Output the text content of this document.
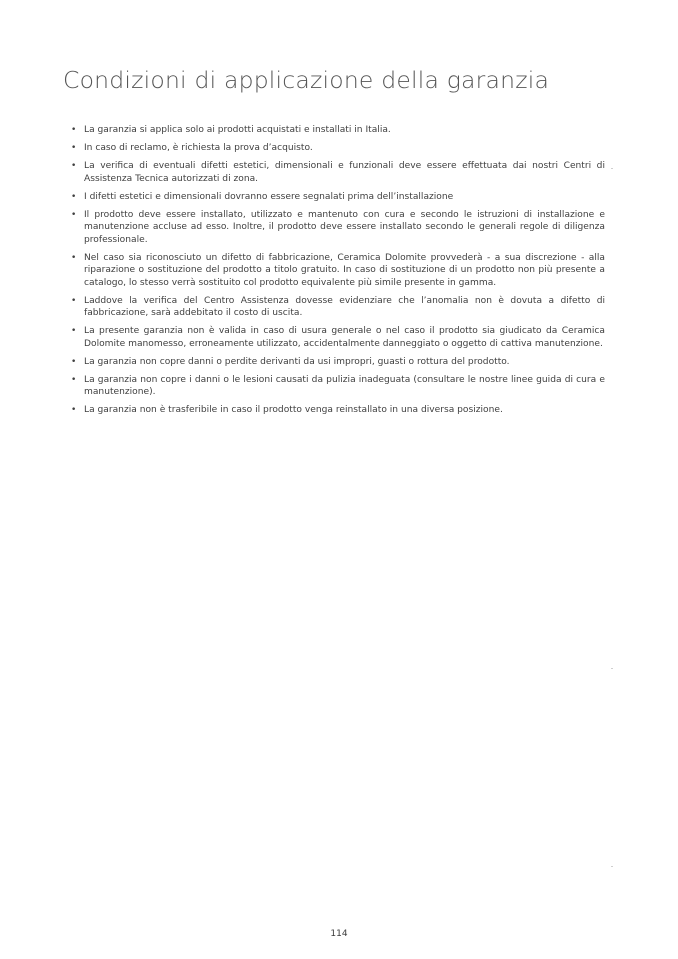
Condizioni di applicazione della garanzia
• La garanzia si applica solo ai prodotti acquistati e installati in Italia.
• In caso di reclamo, è richiesta la prova d’acquisto.
• La verifica di eventuali difetti estetici, dimensionali e funzionali deve essere effettuata dai nostri Centri di Assistenza Tecnica autorizzati di zona.
• I difetti estetici e dimensionali dovranno essere segnalati prima dell’installazione
• Il prodotto deve essere installato, utilizzato e mantenuto con cura e secondo le istruzioni di installazione e manutenzione accluse ad esso. Inoltre, il prodotto deve essere installato secondo le generali regole di diligenza professionale.
• Nel caso sia riconosciuto un difetto di fabbricazione, Ceramica Dolomite provvederà - a sua discrezione - alla riparazione o sostituzione del prodotto a titolo gratuito. In caso di sostituzione di un prodotto non più presente a catalogo, lo stesso verrà sostituito col prodotto equivalente più simile presente in gamma.
• Laddove la verifica del Centro Assistenza dovesse evidenziare che l’anomalia non è dovuta a difetto di fabbricazione, sarà addebitato il costo di uscita.
• La presente garanzia non è valida in caso di usura generale o nel caso il prodotto sia giudicato da Ceramica Dolomite manomesso, erroneamente utilizzato, accidentalmente danneggiato o oggetto di cattiva manutenzione.
• La garanzia non copre danni o perdite derivanti da usi impropri, guasti o rottura del prodotto.
• La garanzia non copre i danni o le lesioni causati da pulizia inadeguata (consultare le nostre linee guida di cura e manutenzione).
• La garanzia non è trasferibile in caso il prodotto venga reinstallato in una diversa posizione.
114
